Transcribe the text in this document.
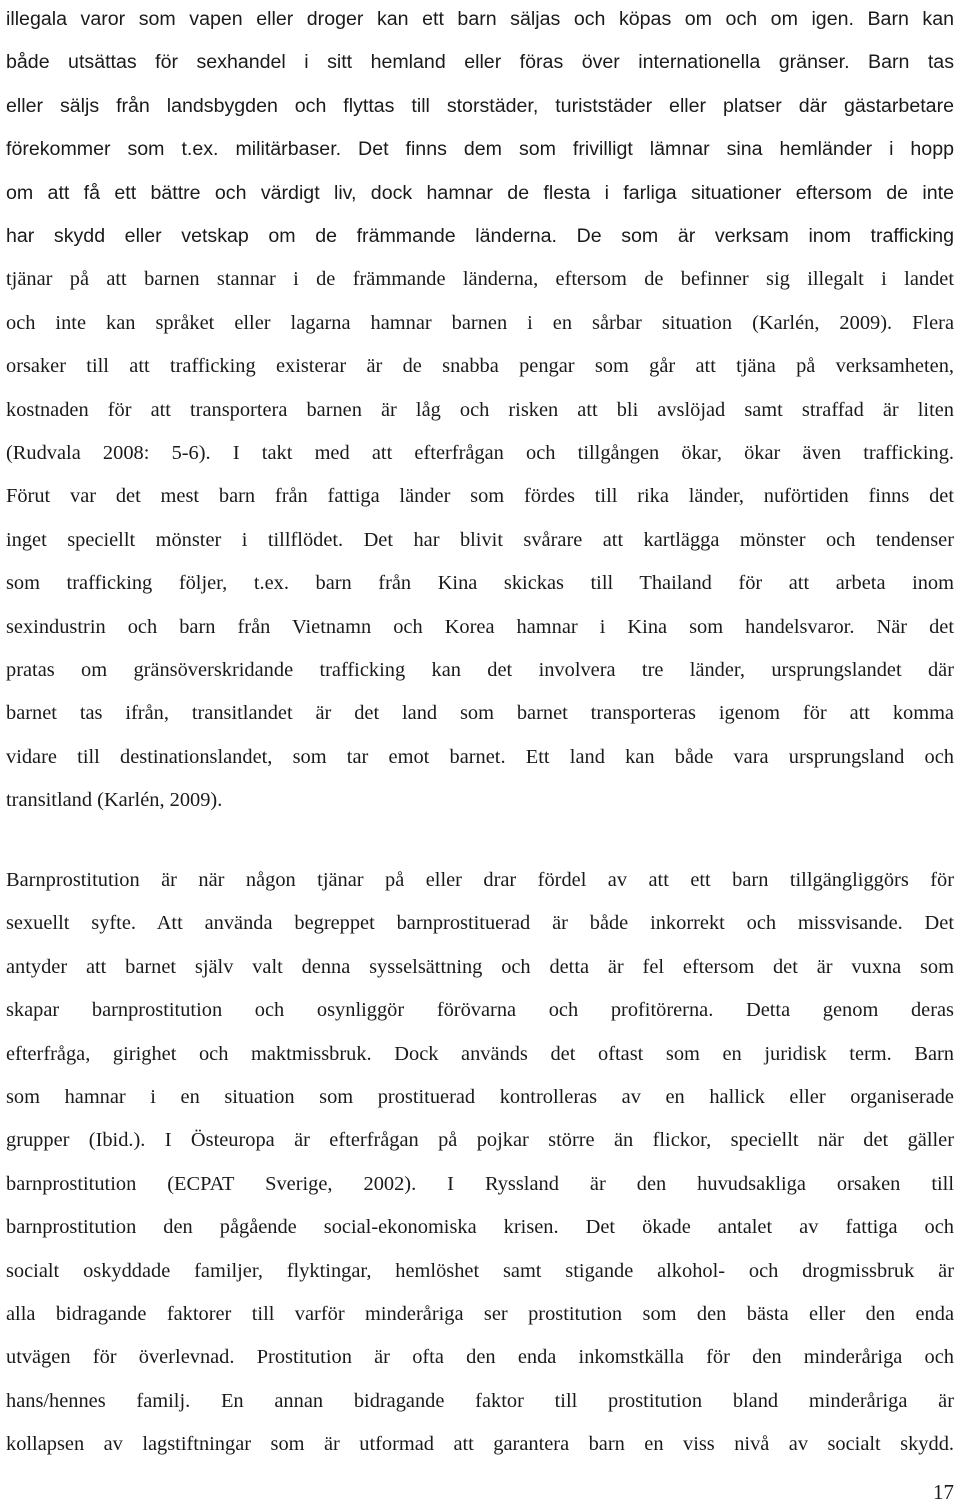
illegala varor som vapen eller droger kan ett barn säljas och köpas om och om igen. Barn kan
både utsättas för sexhandel i sitt hemland eller föras över internationella gränser. Barn tas
eller säljs från landsbygden och flyttas till storstäder, turiststäder eller platser där gästarbetare
förekommer som t.ex. militärbaser. Det finns dem som frivilligt lämnar sina hemländer i hopp
om att få ett bättre och värdigt liv, dock hamnar de flesta i farliga situationer eftersom de inte
har skydd eller vetskap om de främmande länderna. De som är verksam inom trafficking
tjänar på att barnen stannar i de främmande länderna, eftersom de befinner sig illegalt i landet
och inte kan språket eller lagarna hamnar barnen i en sårbar situation (Karlén, 2009). Flera
orsaker till att trafficking existerar är de snabba pengar som går att tjäna på verksamheten,
kostnaden för att transportera barnen är låg och risken att bli avslöjad samt straffad är liten
(Rudvala 2008: 5-6). I takt med att efterfrågan och tillgången ökar, ökar även trafficking.
Förut var det mest barn från fattiga länder som fördes till rika länder, nuförtiden finns det
inget speciellt mönster i tillflödet. Det har blivit svårare att kartlägga mönster och tendenser
som trafficking följer, t.ex. barn från Kina skickas till Thailand för att arbeta inom
sexindustrin och barn från Vietnamn och Korea hamnar i Kina som handelsvaror. När det
pratas om gränsöverskridande trafficking kan det involvera tre länder, ursprungslandet där
barnet tas ifrån, transitlandet är det land som barnet transporteras igenom för att komma
vidare till destinationslandet, som tar emot barnet. Ett land kan både vara ursprungsland och
transitland (Karlén, 2009).
Barnprostitution är när någon tjänar på eller drar fördel av att ett barn tillgängliggörs för
sexuellt syfte. Att använda begreppet barnprostituerad är både inkorrekt och missvisande. Det
antyder att barnet själv valt denna sysselsättning och detta är fel eftersom det är vuxna som
skapar barnprostitution och osynliggör förövarna och profitörerna. Detta genom deras
efterfråga, girighet och maktmissbruk. Dock används det oftast som en juridisk term. Barn
som hamnar i en situation som prostituerad kontrolleras av en hallick eller organiserade
grupper (Ibid.). I Östeuropa är efterfrågan på pojkar större än flickor, speciellt när det gäller
barnprostitution (ECPAT Sverige, 2002). I Ryssland är den huvudsakliga orsaken till
barnprostitution den pågående social-ekonomiska krisen. Det ökade antalet av fattiga och
socialt oskyddade familjer, flyktingar, hemlöshet samt stigande alkohol- och drogmissbruk är
alla bidragande faktorer till varför minderåriga ser prostitution som den bästa eller den enda
utvägen för överlevnad. Prostitution är ofta den enda inkomstkälla för den minderåriga och
hans/hennes familj. En annan bidragande faktor till prostitution bland minderåriga är
kollapsen av lagstiftningar som är utformad att garantera barn en viss nivå av socialt skydd.
17
